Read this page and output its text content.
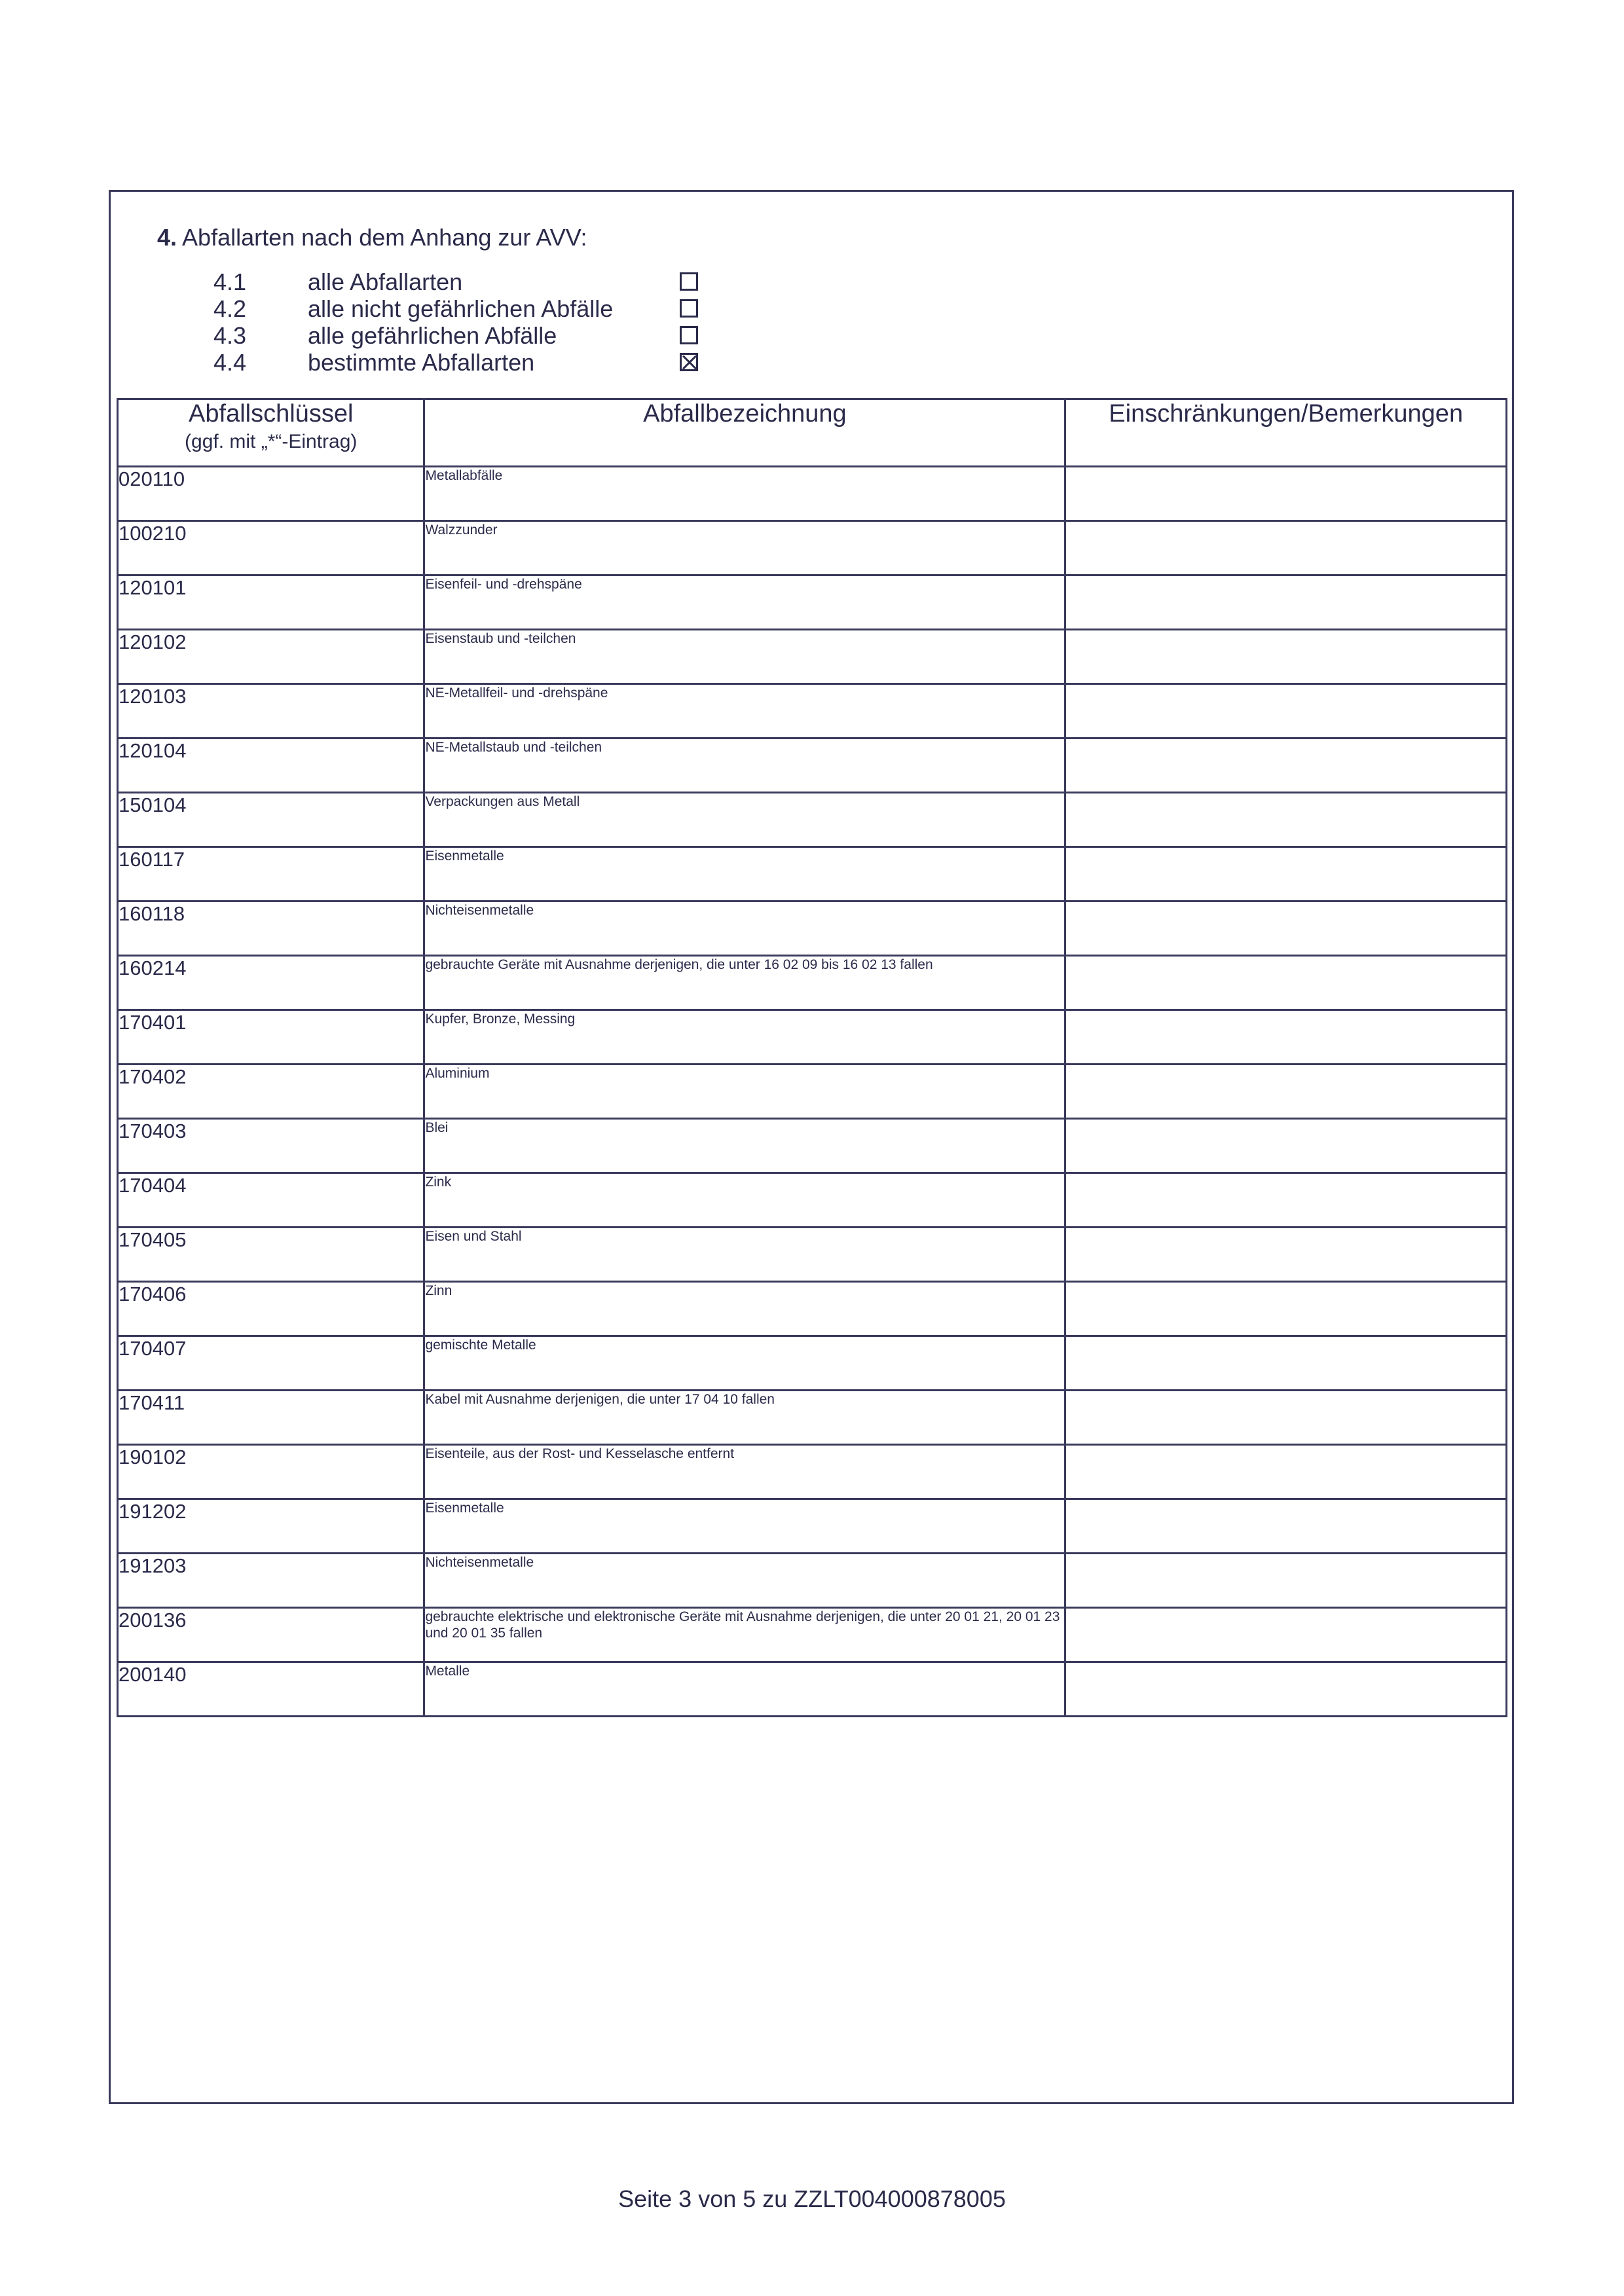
4. Abfallarten nach dem Anhang zur AVV:
4.1	alle Abfallarten
4.2	alle nicht gefährlichen Abfälle
4.3	alle gefährlichen Abfälle
4.4	bestimmte Abfallarten
Abfallschlüssel
(ggf. mit „*“-Eintrag)	Abfallbezeichnung	Einschränkungen/Bemerkungen
020110	Metallabfälle	
100210	Walzzunder	
120101	Eisenfeil- und -drehspäne	
120102	Eisenstaub und -teilchen	
120103	NE-Metallfeil- und -drehspäne	
120104	NE-Metallstaub und -teilchen	
150104	Verpackungen aus Metall	
160117	Eisenmetalle	
160118	Nichteisenmetalle	
160214	gebrauchte Geräte mit Ausnahme derjenigen, die unter 16 02 09 bis 16 02 13 fallen	
170401	Kupfer, Bronze, Messing	
170402	Aluminium	
170403	Blei	
170404	Zink	
170405	Eisen und Stahl	
170406	Zinn	
170407	gemischte Metalle	
170411	Kabel mit Ausnahme derjenigen, die unter 17 04 10 fallen	
190102	Eisenteile, aus der Rost- und Kesselasche entfernt	
191202	Eisenmetalle	
191203	Nichteisenmetalle	
200136	gebrauchte elektrische und elektronische Geräte mit Ausnahme derjenigen, die unter 20 01 21, 20 01 23 und 20 01 35 fallen	
200140	Metalle	
Seite 3 von 5 zu ZZLT004000878005
